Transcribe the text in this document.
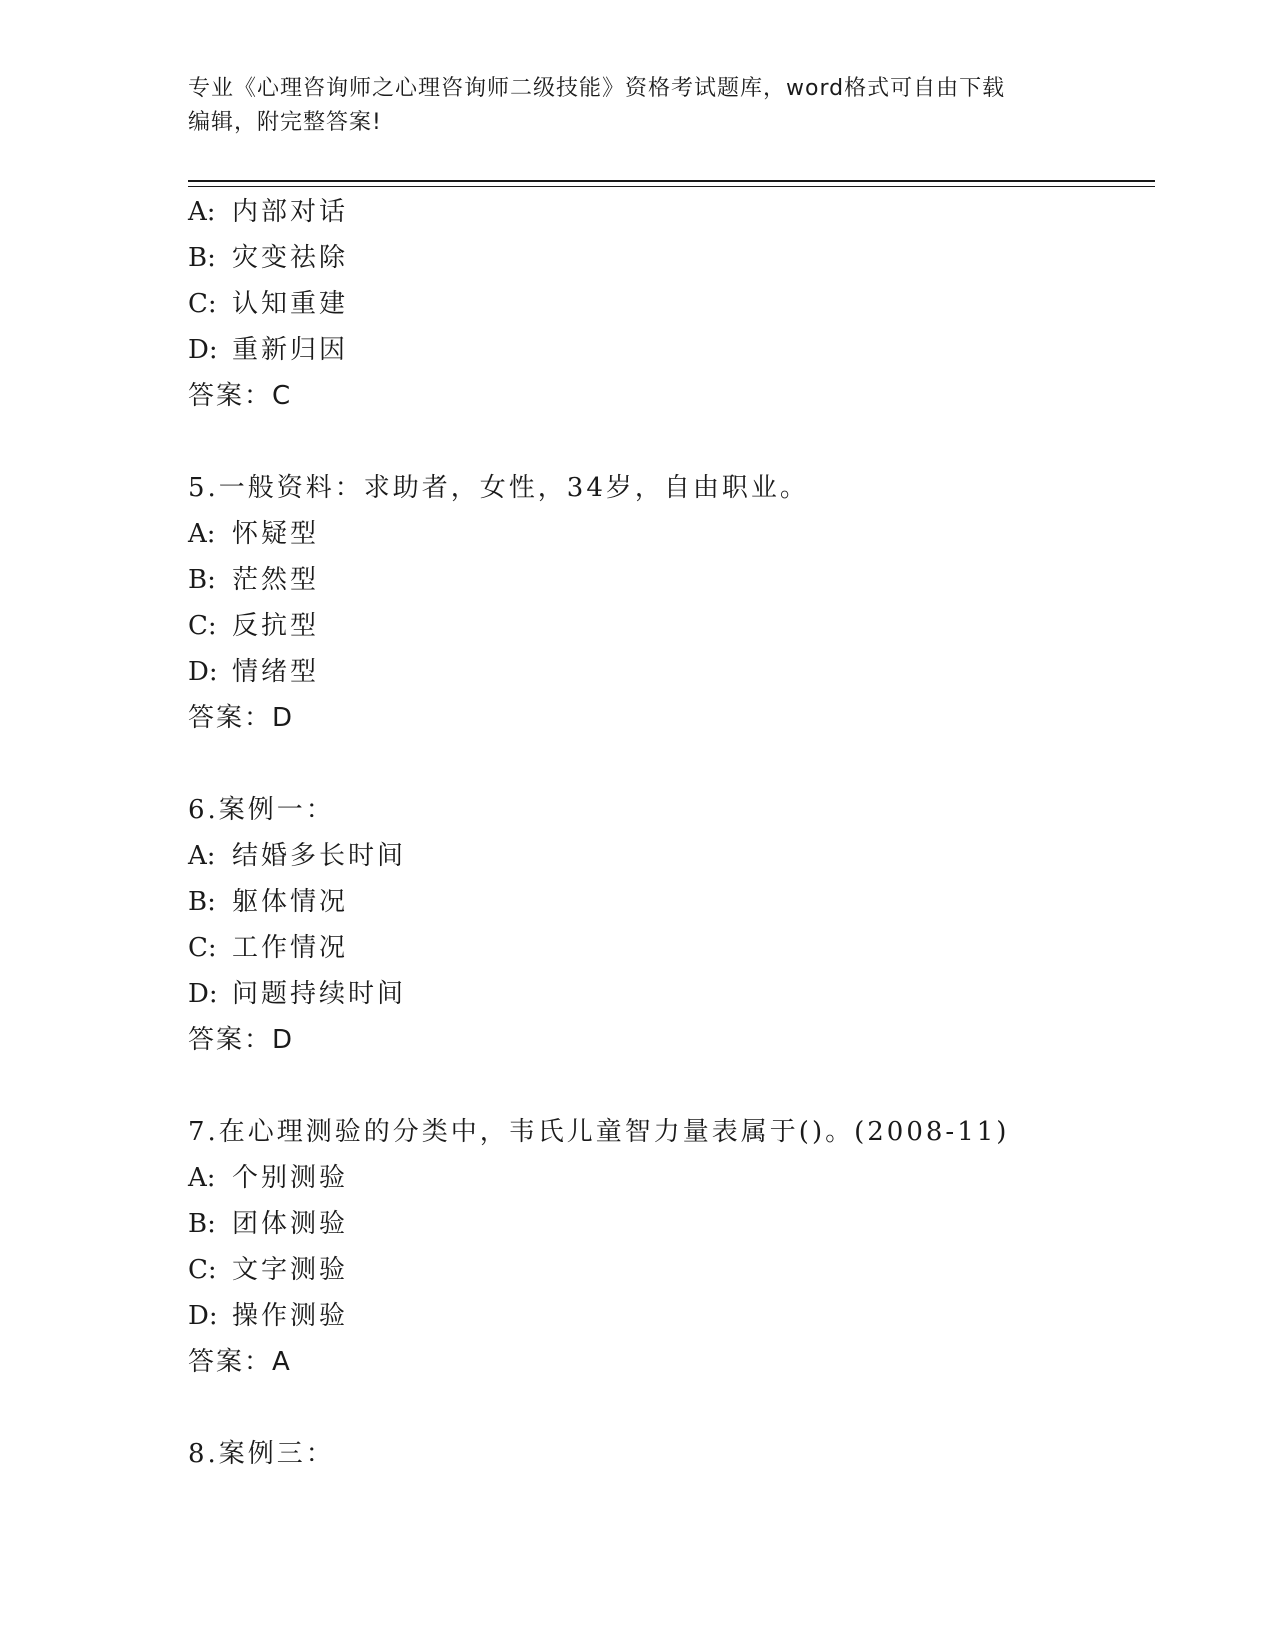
专业《心理咨询师之心理咨询师二级技能》资格考试题库，word格式可自由下载
编辑，附完整答案!
A: 内部对话
B: 灾变祛除
C: 认知重建
D: 重新归因
答案：C
5.一般资料：求助者，女性，34岁，自由职业。
A: 怀疑型
B: 茫然型
C: 反抗型
D: 情绪型
答案：D
6.案例一：
A: 结婚多长时间
B: 躯体情况
C: 工作情况
D: 问题持续时间
答案：D
7.在心理测验的分类中，韦氏儿童智力量表属于()。(2008-11)
A: 个别测验
B: 团体测验
C: 文字测验
D: 操作测验
答案：A
8.案例三：
